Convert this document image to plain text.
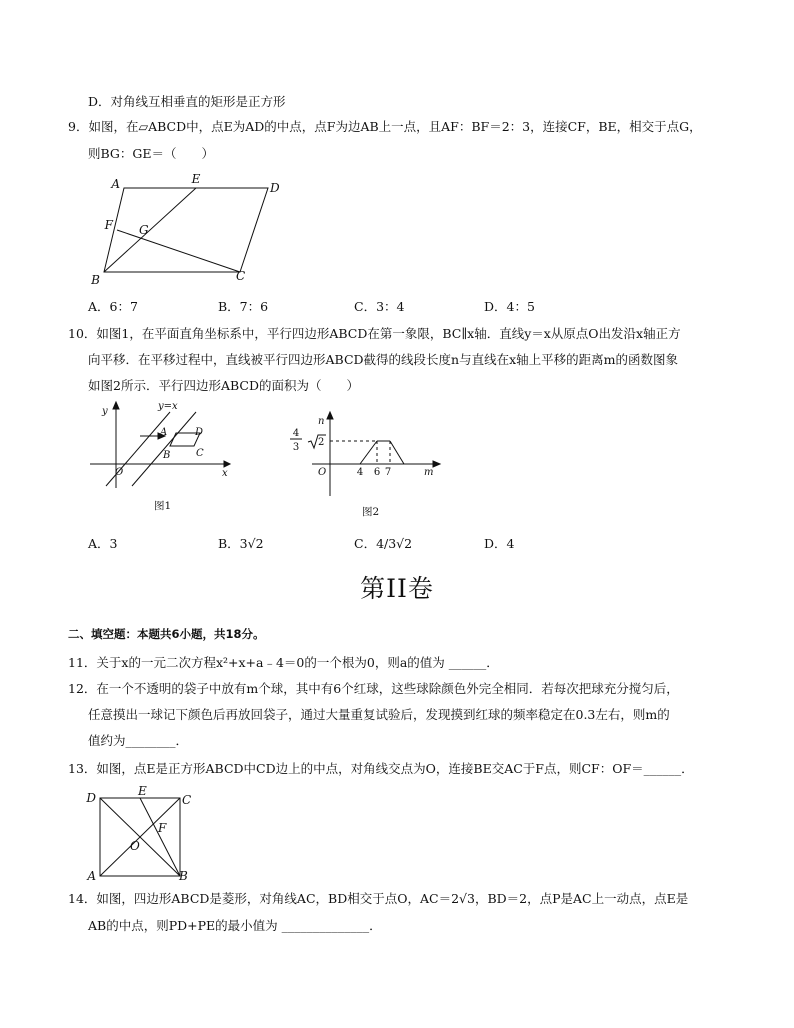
D．对角线互相垂直的矩形是正方形
9．如图，在▱ABCD中，点E为AD的中点，点F为边AB上一点，且AF：BF＝2：3，连接CF，BE，相交于点G，
则BG：GE＝（　　）
A	E
D
F G
B	C
A．6：7	B．7：6	C．3：4	D．4：5
10．如图1，在平面直角坐标系中，平行四边形ABCD在第一象限，BC∥x轴．直线y＝x从原点O出发沿x轴正方
向平移．在平移过程中，直线被平行四边形ABCD截得的线段长度n与直线在x轴上平移的距离m的函数图象
如图2所示．平行四边形ABCD的面积为（　　）
y	y=x
A	D
B	C
O	x
图1
n
4
3 2
O	4 6 7	m
图2
A．3	B．3√2	C．4/3√2	D．4
第II卷
二、填空题：本题共6小题，共18分。
11．关于x的一元二次方程x²+x+a﹣4＝0的一个根为0，则a的值为 ______．
12．在一个不透明的袋子中放有m个球，其中有6个红球，这些球除颜色外完全相同．若每次把球充分搅匀后，
任意摸出一球记下颜色后再放回袋子，通过大量重复试验后，发现摸到红球的频率稳定在0.3左右，则m的
值约为________．
13．如图，点E是正方形ABCD中CD边上的中点，对角线交点为O，连接BE交AC于F点，则CF：OF＝______．
D	E
C
F
O
A	B
14．如图，四边形ABCD是菱形，对角线AC，BD相交于点O，AC＝2√3，BD＝2，点P是AC上一动点，点E是
AB的中点，则PD+PE的最小值为 ______________．
